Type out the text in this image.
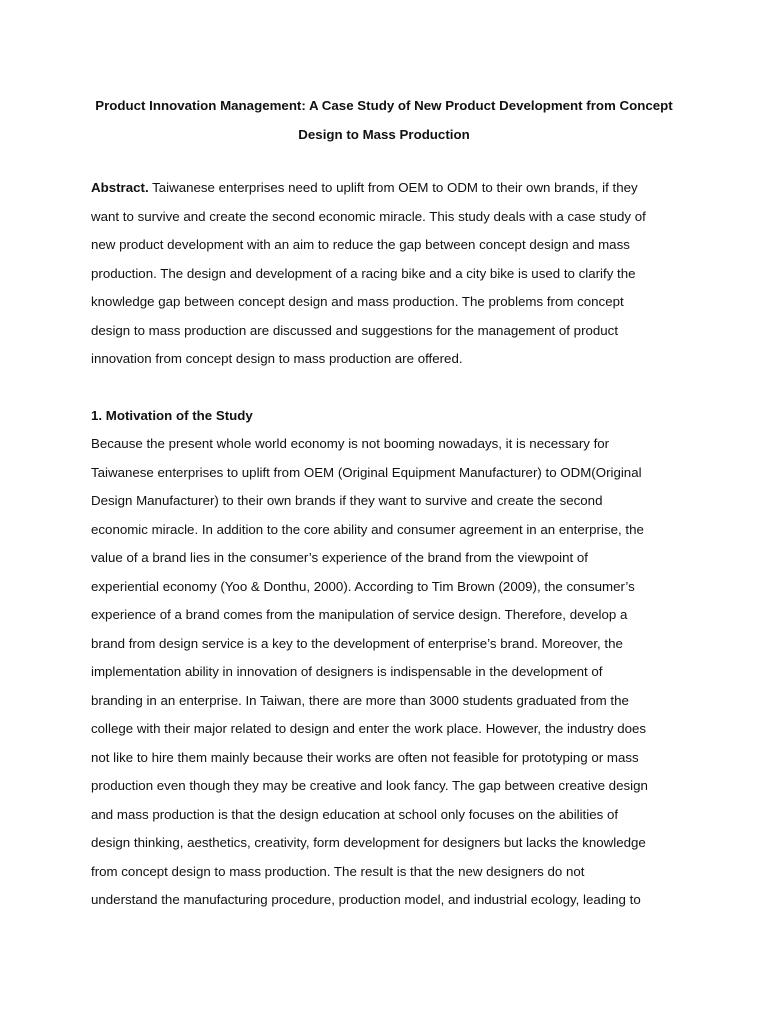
Product Innovation Management: A Case Study of New Product Development from Concept
Design to Mass Production
Abstract. Taiwanese enterprises need to uplift from OEM to ODM to their own brands, if they
want to survive and create the second economic miracle. This study deals with a case study of
new product development with an aim to reduce the gap between concept design and mass
production. The design and development of a racing bike and a city bike is used to clarify the
knowledge gap between concept design and mass production. The problems from concept
design to mass production are discussed and suggestions for the management of product
innovation from concept design to mass production are offered.
1. Motivation of the Study
Because the present whole world economy is not booming nowadays, it is necessary for
Taiwanese enterprises to uplift from OEM (Original Equipment Manufacturer) to ODM(Original
Design Manufacturer) to their own brands if they want to survive and create the second
economic miracle. In addition to the core ability and consumer agreement in an enterprise, the
value of a brand lies in the consumer’s experience of the brand from the viewpoint of
experiential economy (Yoo & Donthu, 2000). According to Tim Brown (2009), the consumer’s
experience of a brand comes from the manipulation of service design. Therefore, develop a
brand from design service is a key to the development of enterprise’s brand. Moreover, the
implementation ability in innovation of designers is indispensable in the development of
branding in an enterprise. In Taiwan, there are more than 3000 students graduated from the
college with their major related to design and enter the work place. However, the industry does
not like to hire them mainly because their works are often not feasible for prototyping or mass
production even though they may be creative and look fancy. The gap between creative design
and mass production is that the design education at school only focuses on the abilities of
design thinking, aesthetics, creativity, form development for designers but lacks the knowledge
from concept design to mass production. The result is that the new designers do not
understand the manufacturing procedure, production model, and industrial ecology, leading to
